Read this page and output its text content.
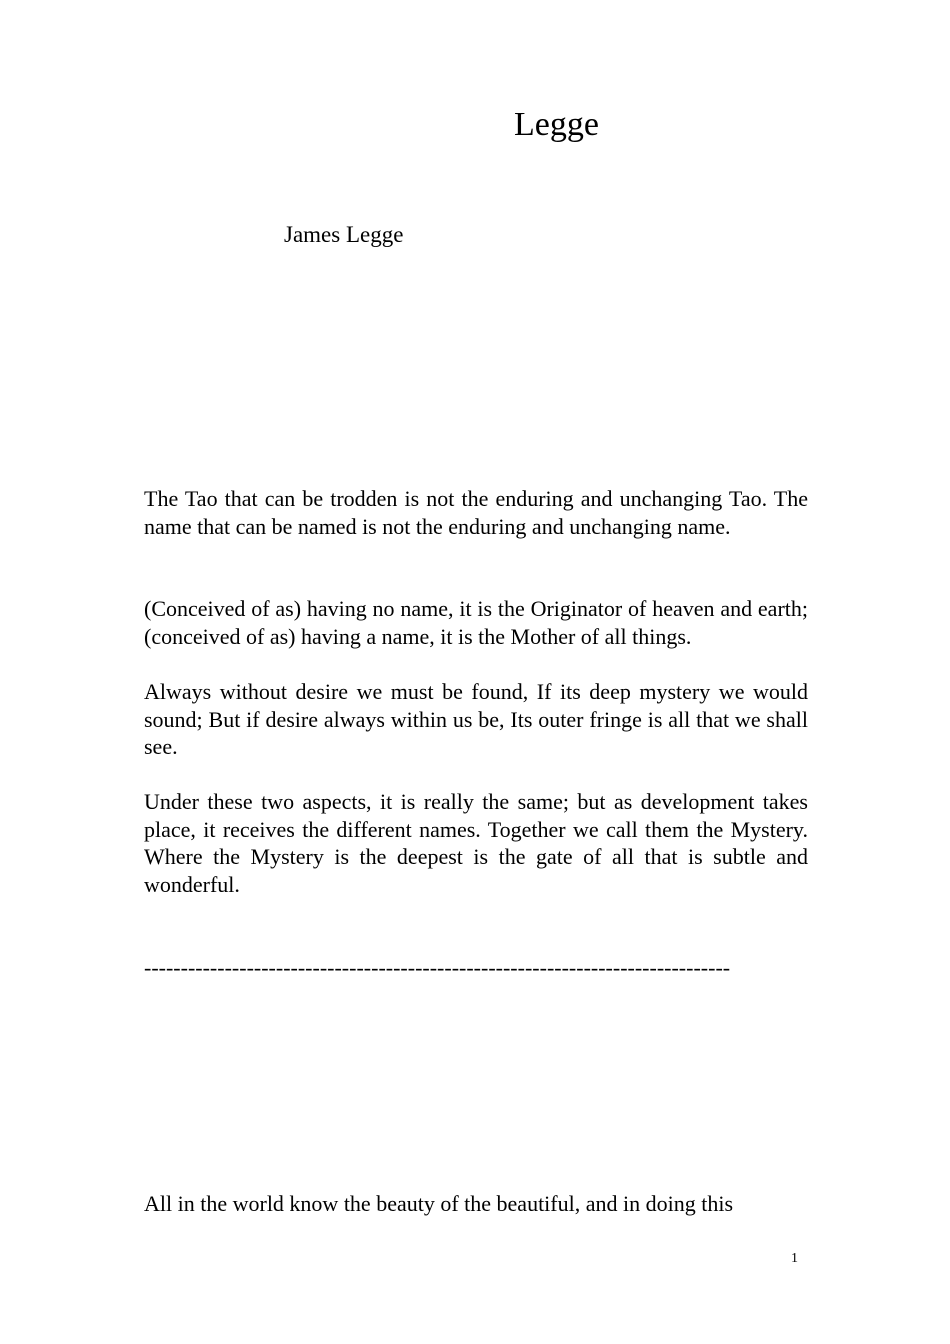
Legge
James Legge
The Tao that can be trodden is not the enduring and unchanging Tao. The name that can be named is not the enduring and unchanging name.
(Conceived of as) having no name, it is the Originator of heaven and earth; (conceived of as) having a name, it is the Mother of all things.
Always without desire we must be found, If its deep mystery we would sound; But if desire always within us be, Its outer fringe is all that we shall see.
Under these two aspects, it is really the same; but as development takes place, it receives the different names. Together we call them the Mystery. Where the Mystery is the deepest is the gate of all that is subtle and wonderful.
--------------------------------------------------------------------------------
All in the world know the beauty of the beautiful, and in doing this
1
